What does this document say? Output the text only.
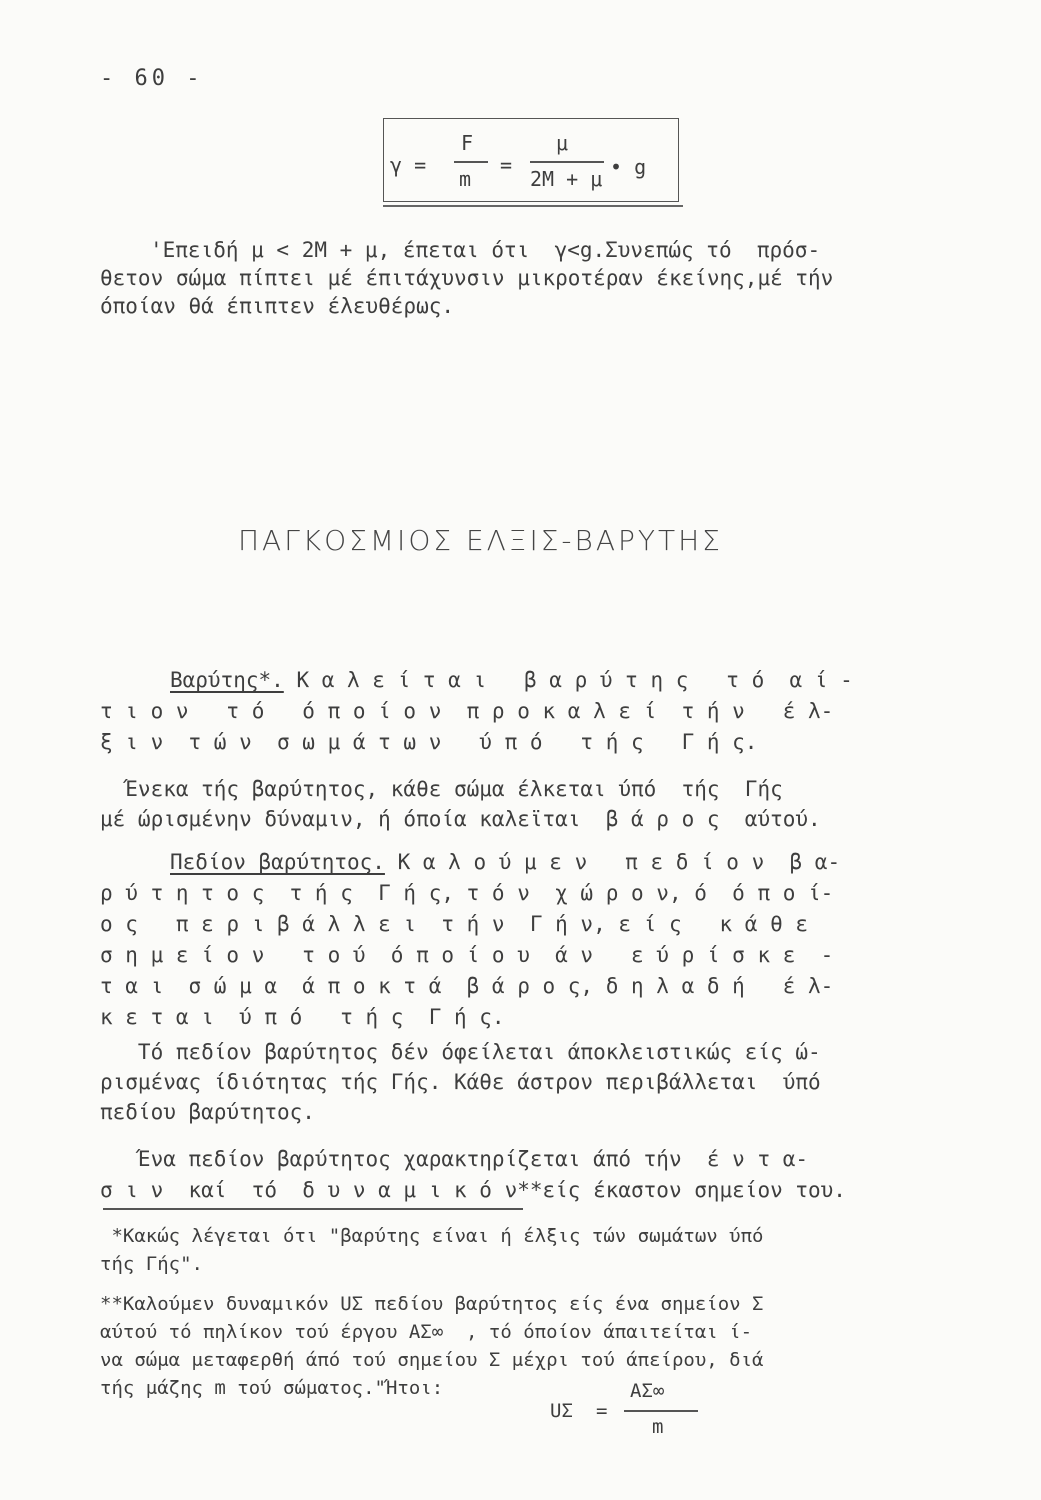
- 60 -
γ =
F
m
=
μ
2M + μ • g
'Επειδή μ < 2M + μ, έπεται ότι  γ<g.Συνεπώς τό  πρόσ-
θετον σώμα πίπτει μέ έπιτάχυνσιν μικροτέραν έκείνης,μέ τήν
όποίαν θά έπιπτεν έλευθέρως.
ΠΑΓΚΟΣΜΙΟΣ ΕΛΞΙΣ-ΒΑΡΥΤΗΣ
Βαρύτης*. Κ α λ ε ί τ α ι   β α ρ ύ τ η ς   τ ό  α ί -
τ ι ο ν   τ ό   ό π ο ί ο ν  π ρ ο κ α λ ε ί  τ ή ν   έ λ-
ξ ι ν  τ ώ ν  σ ω μ ά τ ω ν   ύ π ό   τ ή ς   Γ ή ς.
Ένεκα τής βαρύτητος, κάθε σώμα έλκεται ύπό  τής  Γής
μέ ώρισμένην δύναμιν, ή όποία καλεϊται  β ά ρ ο ς  αύτού.
Πεδίον βαρύτητος. Κ α λ ο ύ μ ε ν   π ε δ ί ο ν  β α-
ρ ύ τ η τ ο ς  τ ή ς  Γ ή ς, τ ό ν  χ ώ ρ ο ν, ό  ό π ο ί-
ο ς   π ε ρ ι β ά λ λ ε ι  τ ή ν  Γ ή ν, ε ί ς   κ ά θ ε
σ η μ ε ί ο ν   τ ο ύ  ό π ο ί ο υ  ά ν   ε ύ ρ ί σ κ ε  -
τ α ι  σ ώ μ α  ά π ο κ τ ά  β ά ρ ο ς, δ η λ α δ ή   έ λ-
κ ε τ α ι  ύ π ό   τ ή ς  Γ ή ς.
Τό πεδίον βαρύτητος δέν όφείλεται άποκλειστικώς είς ώ-
ρισμένας ίδιότητας τής Γής. Κάθε άστρον περιβάλλεται  ύπό
πεδίου βαρύτητος.
Ένα πεδίον βαρύτητος χαρακτηρίζεται άπό τήν  έ ν τ α-
σ ι ν  καί  τό  δ υ ν α μ ι κ ό ν**είς έκαστον σημείον του.
*Κακώς λέγεται ότι "βαρύτης είναι ή έλξις τών σωμάτων ύπό
τής Γής".
**Καλούμεν δυναμικόν UΣ πεδίου βαρύτητος είς ένα σημείον Σ
αύτού τό πηλίκον τού έργου AΣ∞  , τό όποίον άπαιτείται ί-
να σώμα μεταφερθή άπό τού σημείου Σ μέχρι τού άπείρου, διά
τής μάζης m τού σώματος."Ήτοι:
UΣ =
AΣ∞
m
